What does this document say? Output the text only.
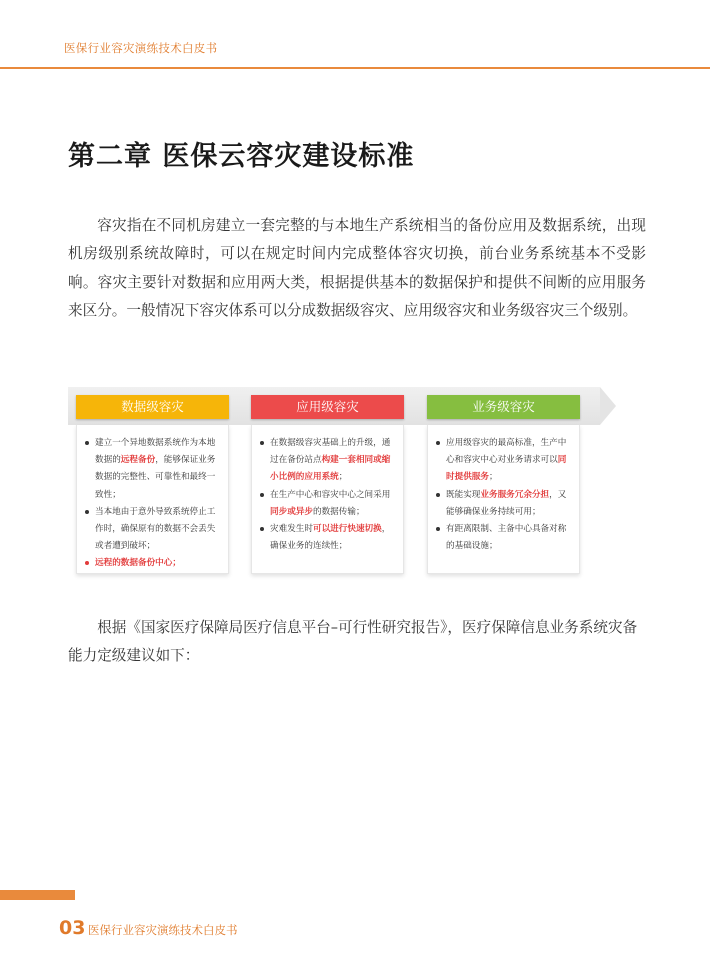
医保行业容灾演练技术白皮书
第二章 医保云容灾建设标准

容灾指在不同机房建立一套完整的与本地生产系统相当的备份应用及数据系统，出现机房级别系统故障时，可以在规定时间内完成整体容灾切换，前台业务系统基本不受影响。容灾主要针对数据和应用两大类，根据提供基本的数据保护和提供不间断的应用服务来区分。一般情况下容灾体系可以分成数据级容灾、应用级容灾和业务级容灾三个级别。

数据级容灾	应用级容灾	业务级容灾
建立一个异地数据系统作为本地数据的远程备份，能够保证业务数据的完整性、可靠性和最终一致性；
当本地由于意外导致系统停止工作时，确保原有的数据不会丢失或者遭到破坏；
远程的数据备份中心；
在数据级容灾基础上的升级，通过在备份站点构建一套相同或缩小比例的应用系统；
在生产中心和容灾中心之间采用同步或异步的数据传输；
灾难发生时可以进行快速切换，确保业务的连续性；
应用级容灾的最高标准，生产中心和容灾中心对业务请求可以同时提供服务；
既能实现业务服务冗余分担，又能够确保业务持续可用；
有距离限制、主备中心具备对称的基础设施；

根据《国家医疗保障局医疗信息平台–可行性研究报告》，医疗保障信息业务系统灾备能力定级建议如下：

03 医保行业容灾演练技术白皮书
